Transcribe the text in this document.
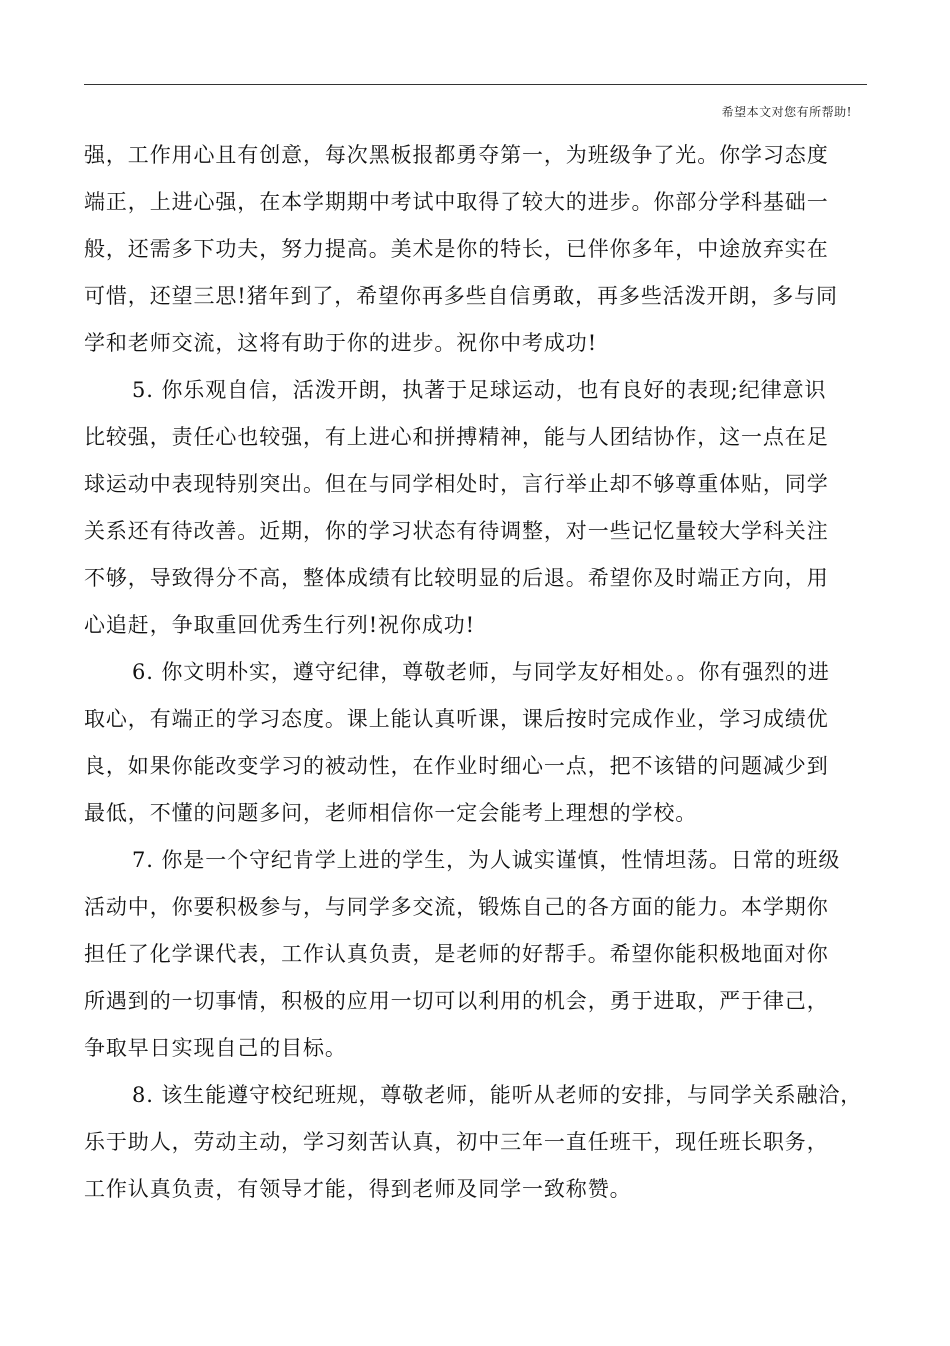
希望本文对您有所帮助!
强，工作用心且有创意，每次黑板报都勇夺第一，为班级争了光。你学习态度
端正，上进心强，在本学期期中考试中取得了较大的进步。你部分学科基础一
般，还需多下功夫，努力提高。美术是你的特长，已伴你多年，中途放弃实在
可惜，还望三思!猪年到了，希望你再多些自信勇敢，再多些活泼开朗，多与同
学和老师交流，这将有助于你的进步。祝你中考成功!
5. 你乐观自信，活泼开朗，执著于足球运动，也有良好的表现;纪律意识
比较强，责任心也较强，有上进心和拼搏精神，能与人团结协作，这一点在足
球运动中表现特别突出。但在与同学相处时，言行举止却不够尊重体贴，同学
关系还有待改善。近期，你的学习状态有待调整，对一些记忆量较大学科关注
不够，导致得分不高，整体成绩有比较明显的后退。希望你及时端正方向，用
心追赶，争取重回优秀生行列!祝你成功!
6. 你文明朴实，遵守纪律，尊敬老师，与同学友好相处。。你有强烈的进
取心，有端正的学习态度。课上能认真听课，课后按时完成作业，学习成绩优
良，如果你能改变学习的被动性，在作业时细心一点，把不该错的问题减少到
最低，不懂的问题多问，老师相信你一定会能考上理想的学校。
7. 你是一个守纪肯学上进的学生，为人诚实谨慎，性情坦荡。日常的班级
活动中，你要积极参与，与同学多交流，锻炼自己的各方面的能力。本学期你
担任了化学课代表，工作认真负责，是老师的好帮手。希望你能积极地面对你
所遇到的一切事情，积极的应用一切可以利用的机会，勇于进取，严于律己，
争取早日实现自己的目标。
8. 该生能遵守校纪班规，尊敬老师，能听从老师的安排，与同学关系融洽，
乐于助人，劳动主动，学习刻苦认真，初中三年一直任班干，现任班长职务，
工作认真负责，有领导才能，得到老师及同学一致称赞。
